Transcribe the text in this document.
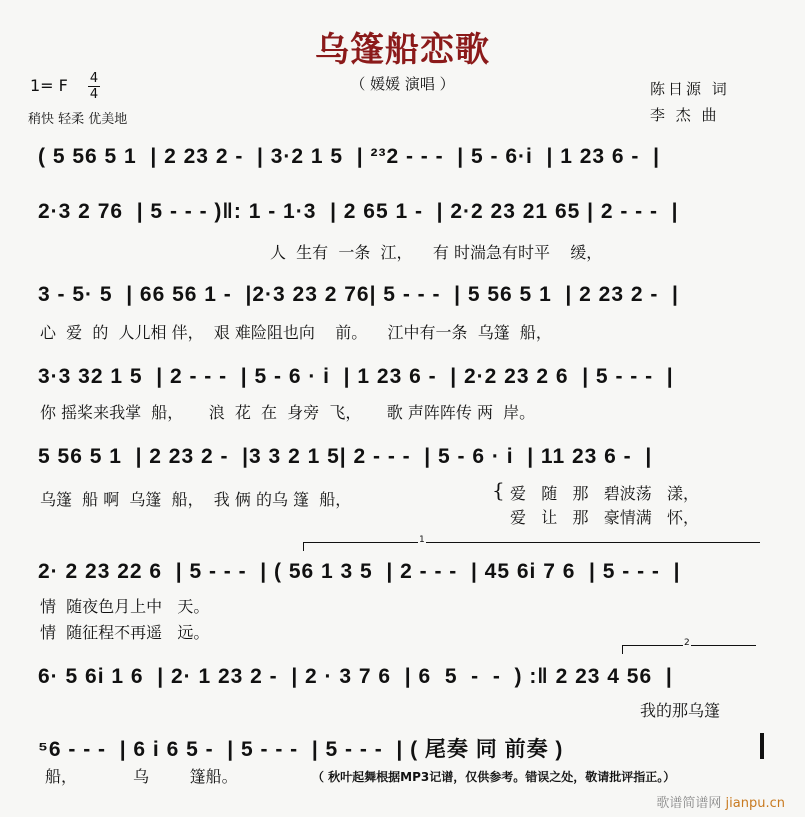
乌篷船恋歌
（ 媛媛 演唱 ）
1= F 4
4
稍快 轻柔 优美地
陈日源 词
李 杰 曲
( 5 56 5 1  | 2 23 2 -  | 3·2 1 5  | ²³2 - - -  | 5 - 6·i  | 1 23 6 -  |
2·3 2 76  | 5 - - - )‖: 1 - 1·3  | 2 65 1 -  | 2·2 23 21 65 | 2 - - -  |
人  生有  一条  江，    有 时湍急有时平    缓，
3 - 5· 5  | 66 56 1 -  |2·3 23 2 76| 5 - - -  | 5 56 5 1  | 2 23 2 -  |
心  爱  的  人儿相 伴，  艰 难险阻也向    前。    江中有一条  乌篷  船，
3·3 32 1 5  | 2 - - -  | 5 - 6 · i  | 1 23 6 -  | 2·2 23 2 6  | 5 - - -  |
你 摇桨来我掌  船，     浪  花  在  身旁  飞，     歌 声阵阵传 两  岸。
5 56 5 1  | 2 23 2 -  |3 3 2 1 5| 2 - - -  | 5 - 6 · i  | 11 23 6 -  |
乌篷  船 啊  乌篷  船，  我 俩 的乌 篷  船，	{ 爱   随   那   碧波荡   漾，
爱   让   那   豪情满   怀，
1
2· 2 23 22 6  | 5 - - -  | ( 56 1 3 5  | 2 - - -  | 45 6i 7 6  | 5 - - -  |
情  随夜色月上中   天。
情  随征程不再遥   远。
2
6· 5 6i 1 6  | 2· 1 23 2 -  | 2 · 3 7 6  | 6  5  -  -  ) :‖ 2 23 4 56  |
我的那乌篷
⁵6 - - -  | 6 i 6 5 -  | 5 - - -  | 5 - - -  | ( 尾奏 同 前奏 )
船，           乌        篷船。	（ 秋叶起舞根据MP3记谱，仅供参考。错误之处，敬请批评指正。）
歌谱简谱网 jianpu.cn
